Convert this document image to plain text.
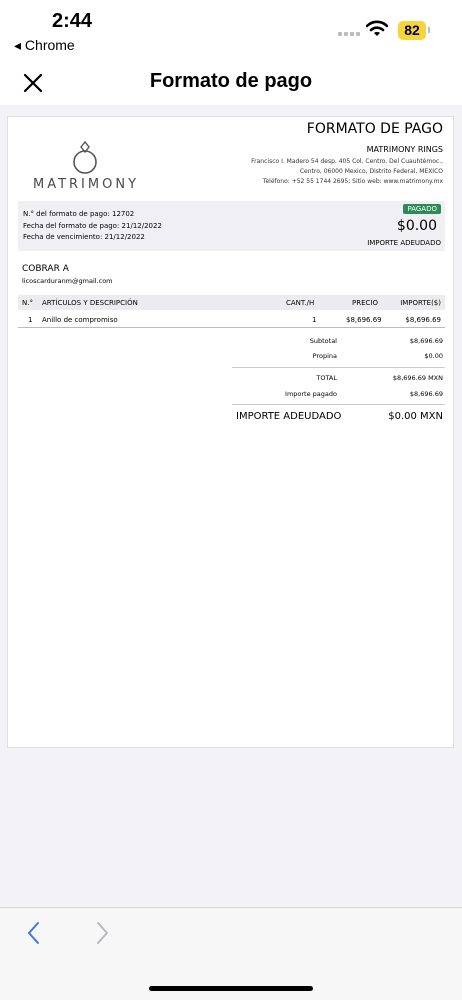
2:44
◂ Chrome
82
Formato de pago
FORMATO DE PAGO
MATRIMONY RINGS
Francisco I. Madero 54 desp. 405 Col. Centro. Del Cuauhtémoc.,
Centro, 06000 Mexico, Distrito Federal, MEXICO
Teléfono: +52 55 1744 2695; Sitio web: www.matrimony.mx
MATRIMONY
N.° del formato de pago: 12702
Fecha del formato de pago: 21/12/2022
Fecha de vencimiento: 21/12/2022
PAGADO
$0.00
IMPORTE ADEUDADO
COBRAR A
licoscarduranm@gmail.com
N.° ARTÍCULOS Y DESCRIPCIÓN	CANT./H	PRECIO	IMPORTE($)
1 Anillo de compromiso	1	$8,696.69	$8,696.69
Subtotal	$8,696.69
Propina	$0.00
TOTAL	$8,696.69 MXN
Importe pagado	$8,696.69
IMPORTE ADEUDADO	$0.00 MXN
